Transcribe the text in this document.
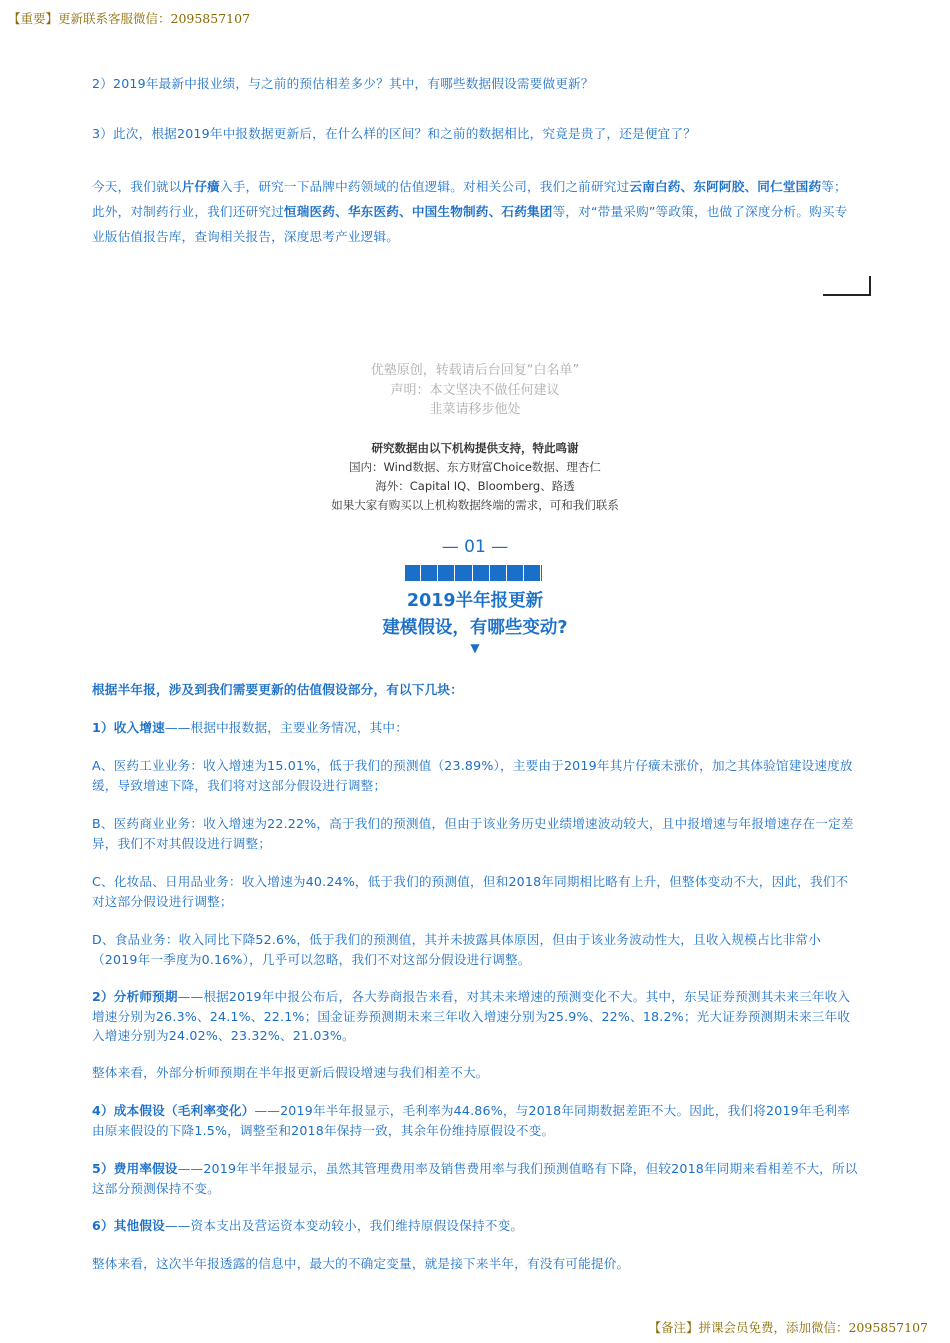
【重要】更新联系客服微信：2095857107
2）2019年最新中报业绩，与之前的预估相差多少？其中，有哪些数据假设需要做更新？
3）此次，根据2019年中报数据更新后，在什么样的区间？和之前的数据相比，究竟是贵了，还是便宜了？
今天，我们就以片仔癀入手，研究一下品牌中药领域的估值逻辑。对相关公司，我们之前研究过云南白药、东阿阿胶、同仁堂国药等；此外，对制药行业，我们还研究过恒瑞医药、华东医药、中国生物制药、石药集团等，对“带量采购”等政策，也做了深度分析。购买专业版估值报告库，查询相关报告，深度思考产业逻辑。
优塾原创，转载请后台回复“白名单”
声明：本文坚决不做任何建议
韭菜请移步他处
研究数据由以下机构提供支持，特此鸣谢
国内：Wind数据、东方财富Choice数据、理杏仁
海外：Capital IQ、Bloomberg、路透
如果大家有购买以上机构数据终端的需求，可和我们联系
— 01 —
2019半年报更新
建模假设，有哪些变动?
▼
根据半年报，涉及到我们需要更新的估值假设部分，有以下几块：
1）收入增速——根据中报数据，主要业务情况，其中：
A、医药工业业务：收入增速为15.01%，低于我们的预测值（23.89%），主要由于2019年其片仔癀未涨价，加之其体验馆建设速度放缓，导致增速下降，我们将对这部分假设进行调整；
B、医药商业业务：收入增速为22.22%，高于我们的预测值，但由于该业务历史业绩增速波动较大，且中报增速与年报增速存在一定差异，我们不对其假设进行调整；
C、化妆品、日用品业务：收入增速为40.24%，低于我们的预测值，但和2018年同期相比略有上升，但整体变动不大，因此，我们不对这部分假设进行调整；
D、食品业务：收入同比下降52.6%，低于我们的预测值，其并未披露具体原因，但由于该业务波动性大，且收入规模占比非常小（2019年一季度为0.16%），几乎可以忽略，我们不对这部分假设进行调整。
2）分析师预期——根据2019年中报公布后，各大券商报告来看，对其未来增速的预测变化不大。其中，东吴证券预测其未来三年收入增速分别为26.3%、24.1%、22.1%；国金证券预测期未来三年收入增速分别为25.9%、22%、18.2%；光大证券预测期未来三年收入增速分别为24.02%、23.32%、21.03%。
整体来看，外部分析师预期在半年报更新后假设增速与我们相差不大。
4）成本假设（毛利率变化）——2019年半年报显示，毛利率为44.86%，与2018年同期数据差距不大。因此，我们将2019年毛利率由原来假设的下降1.5%，调整至和2018年保持一致，其余年份维持原假设不变。
5）费用率假设——2019年半年报显示，虽然其管理费用率及销售费用率与我们预测值略有下降，但较2018年同期来看相差不大，所以这部分预测保持不变。
6）其他假设——资本支出及营运资本变动较小，我们维持原假设保持不变。
整体来看，这次半年报透露的信息中，最大的不确定变量，就是接下来半年，有没有可能提价。
【备注】拼课会员免费，添加微信：2095857107
